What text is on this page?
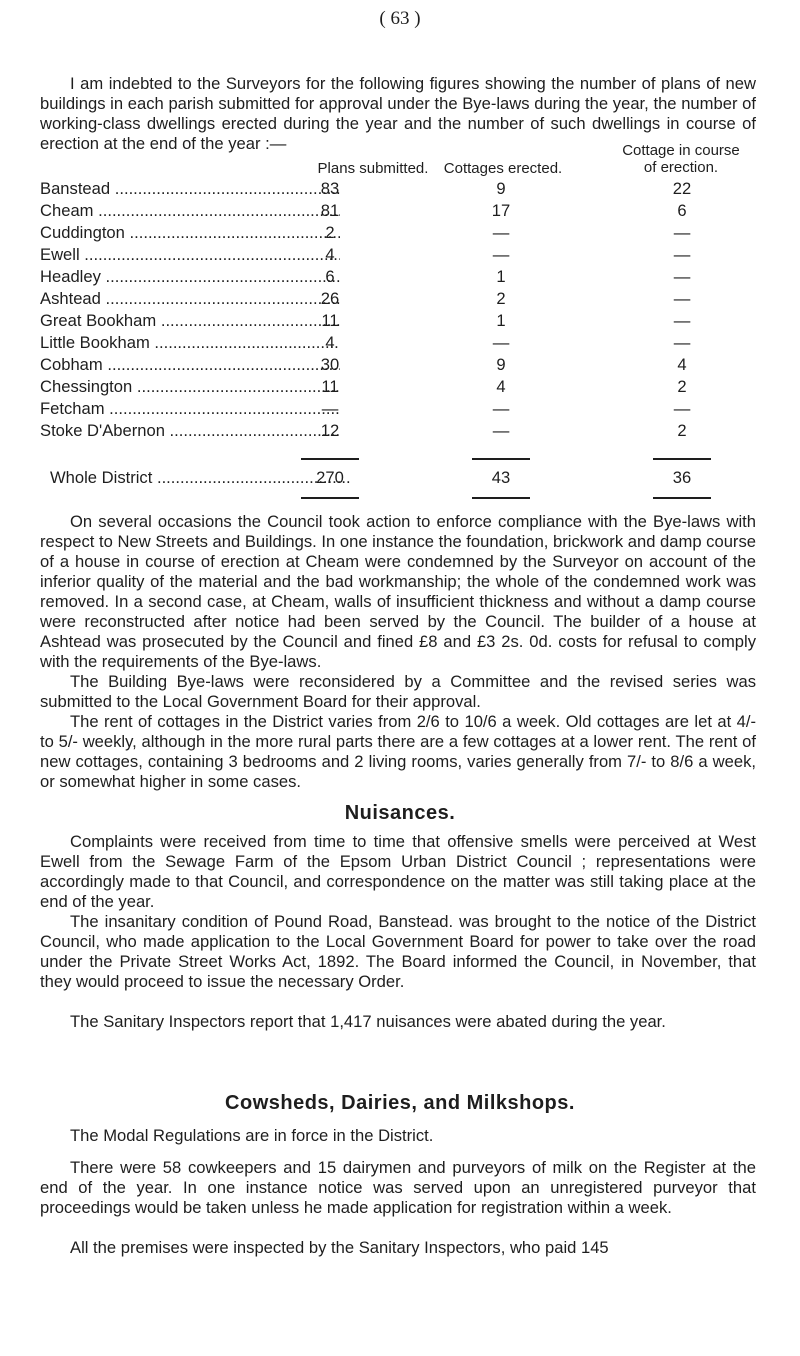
( 63 )

I am indebted to the Surveyors for the following figures showing the number of plans of new buildings in each parish submitted for approval under the Bye-laws during the year, the number of working-class dwellings erected during the year and the number of such dwellings in course of erection at the end of the year :—

Plans submitted.	Cottages erected.
Cottage in course
of erection.
Banstead .....	83	9	22
Cheam .....	81	17	6
Cuddington .....	2	—	—
Ewell .....	4	—	—
Headley .....	6	1	—
Ashtead .....	26	2	—
Great Bookham .....	11	1	—
Little Bookham .....	4	—	—
Cobham .....	30	9	4
Chessington .....	11	4	2
Fetcham .....	—	—	—
Stoke D'Abernon .....	12	—	2
Whole District .....	270	43	36

On several occasions the Council took action to enforce compliance with the Bye-laws with respect to New Streets and Buildings. In one instance the foundation, brickwork and damp course of a house in course of erection at Cheam were condemned by the Surveyor on account of the inferior quality of the material and the bad workmanship; the whole of the condemned work was removed. In a second case, at Cheam, walls of insufficient thickness and without a damp course were reconstructed after notice had been served by the Council. The builder of a house at Ashtead was prosecuted by the Council and fined £8 and £3 2s. 0d. costs for refusal to comply with the requirements of the Bye-laws.

The Building Bye-laws were reconsidered by a Committee and the revised series was submitted to the Local Government Board for their approval.

The rent of cottages in the District varies from 2/6 to 10/6 a week. Old cottages are let at 4/- to 5/- weekly, although in the more rural parts there are a few cottages at a lower rent. The rent of new cottages, containing 3 bedrooms and 2 living rooms, varies generally from 7/- to 8/6 a week, or somewhat higher in some cases.

Nuisances.

Complaints were received from time to time that offensive smells were perceived at West Ewell from the Sewage Farm of the Epsom Urban District Council ; representations were accordingly made to that Council, and correspondence on the matter was still taking place at the end of the year.

The insanitary condition of Pound Road, Banstead. was brought to the notice of the District Council, who made application to the Local Government Board for power to take over the road under the Private Street Works Act, 1892. The Board informed the Council, in November, that they would proceed to issue the necessary Order.

The Sanitary Inspectors report that 1,417 nuisances were abated during the year.

Cowsheds, Dairies, and Milkshops.

The Modal Regulations are in force in the District.

There were 58 cowkeepers and 15 dairymen and purveyors of milk on the Register at the end of the year. In one instance notice was served upon an unregistered purveyor that proceedings would be taken unless he made application for registration within a week.

All the premises were inspected by the Sanitary Inspectors, who paid 145
